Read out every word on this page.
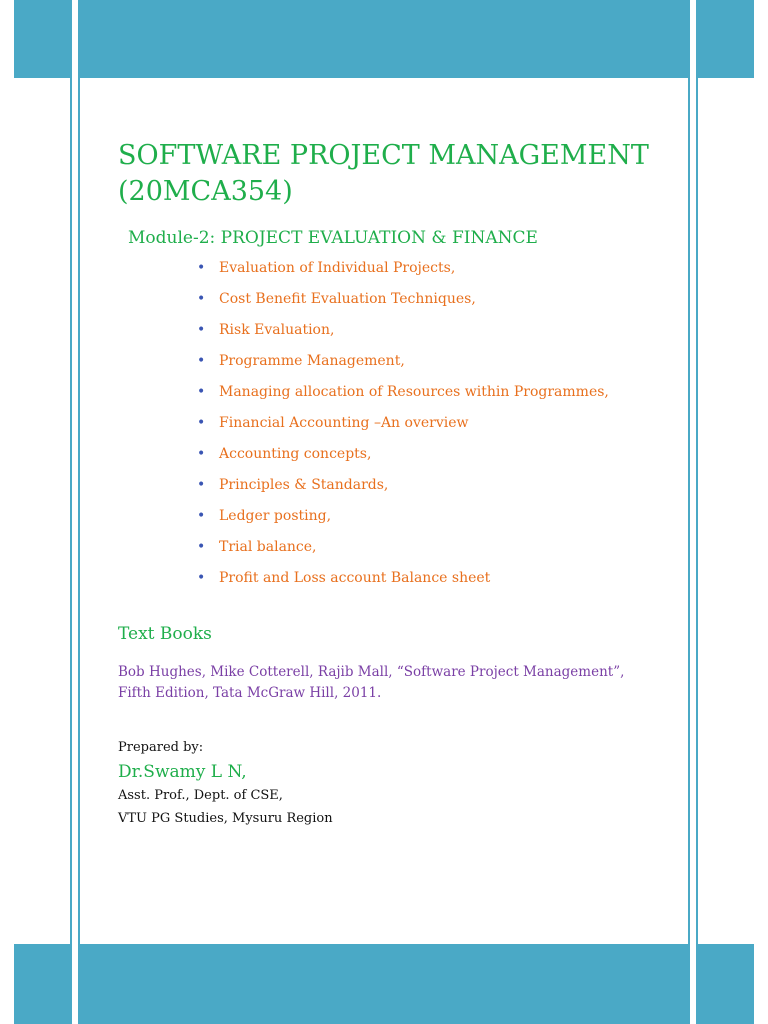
SOFTWARE PROJECT MANAGEMENT
(20MCA354)
Module-2: PROJECT EVALUATION & FINANCE
• Evaluation of Individual Projects,
• Cost Benefit Evaluation Techniques,
• Risk Evaluation,
• Programme Management,
• Managing allocation of Resources within Programmes,
• Financial Accounting –An overview
• Accounting concepts,
• Principles & Standards,
• Ledger posting,
• Trial balance,
• Profit and Loss account Balance sheet
Text Books
Bob Hughes, Mike Cotterell, Rajib Mall, “Software Project Management”, Fifth Edition, Tata McGraw Hill, 2011.
Prepared by:
Dr.Swamy L N,
Asst. Prof., Dept. of CSE,
VTU PG Studies, Mysuru Region
